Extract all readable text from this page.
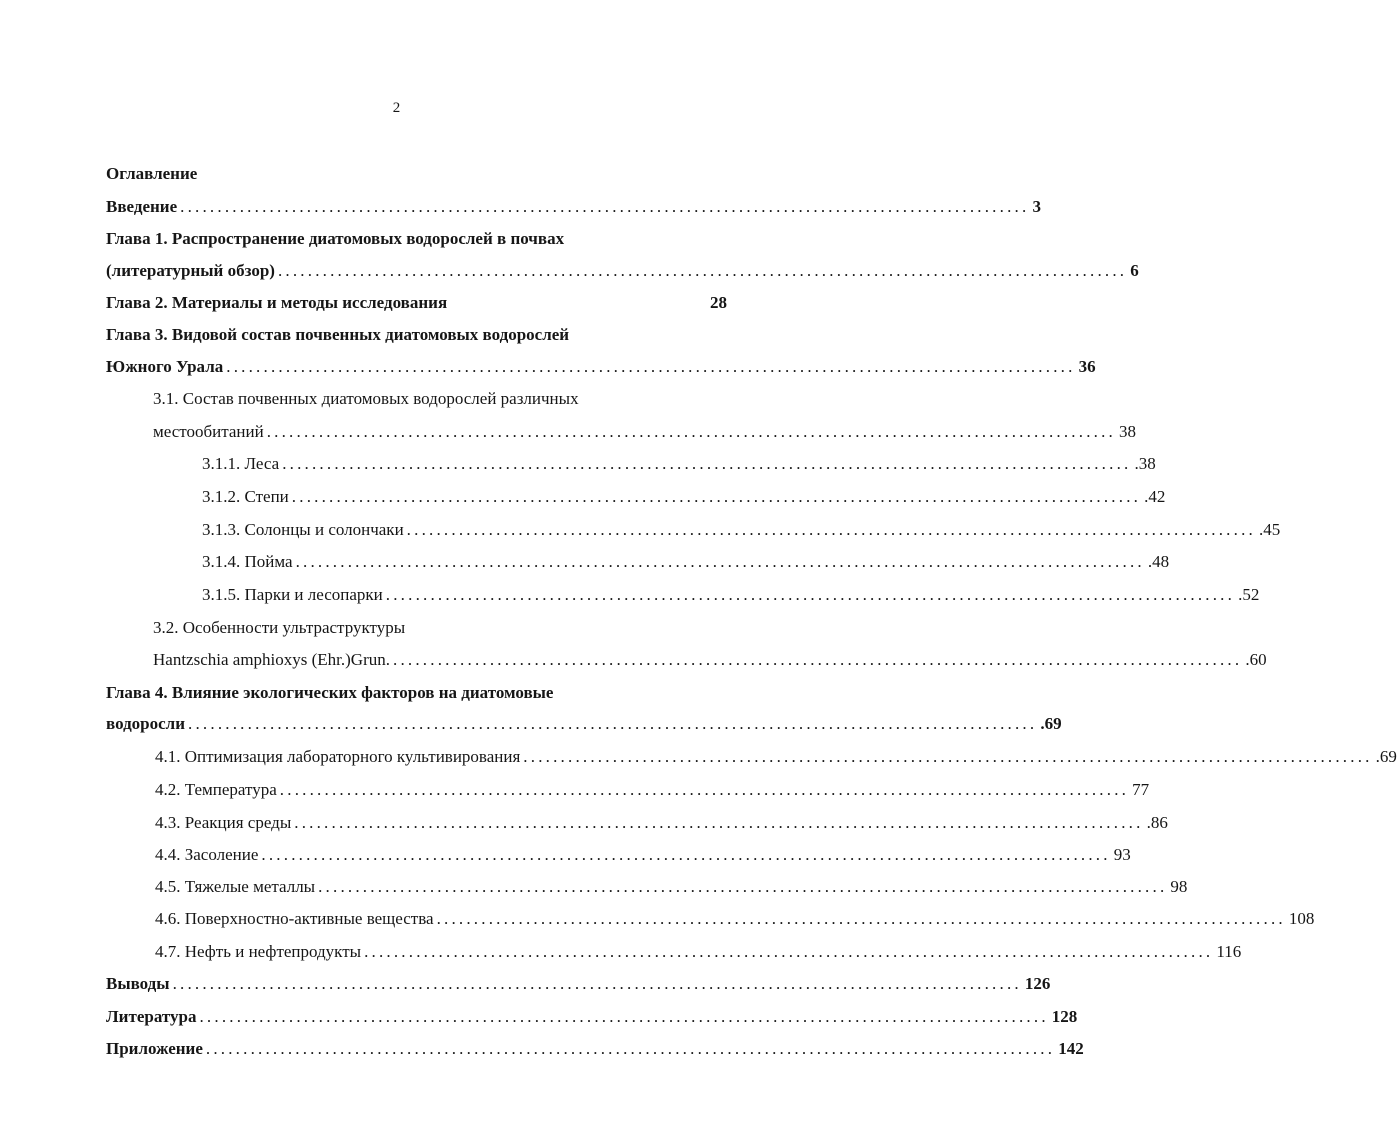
2
Оглавление
Введение .................................................................................................................. 3
Глава 1. Распространение диатомовых водорослей в почвах
(литературный обзор) .................................................................................................................. 6
Глава 2. Материалы и методы исследования	28
Глава 3. Видовой состав почвенных диатомовых водорослей
Южного Урала .................................................................................................................. 36
3.1. Состав почвенных диатомовых водорослей различных
местообитаний .................................................................................................................. 38
3.1.1. Леса .................................................................................................................. .38
3.1.2. Степи .................................................................................................................. .42
3.1.3. Солонцы и солончаки .................................................................................................................. .45
3.1.4. Пойма .................................................................................................................. .48
3.1.5. Парки и лесопарки .................................................................................................................. .52
3.2. Особенности ультраструктуры
Hantzschia amphioxys (Ehr.)Grun. .................................................................................................................. .60
Глава 4. Влияние экологических факторов на диатомовые
водоросли .................................................................................................................. .69
4.1. Оптимизация лабораторного культивирования .................................................................................................................. .69
4.2. Температура .................................................................................................................. 77
4.3. Реакция среды .................................................................................................................. .86
4.4. Засоление .................................................................................................................. 93
4.5. Тяжелые металлы .................................................................................................................. 98
4.6. Поверхностно-активные вещества .................................................................................................................. 108
4.7. Нефть и нефтепродукты .................................................................................................................. 116
Выводы .................................................................................................................. 126
Литература .................................................................................................................. 128
Приложение .................................................................................................................. 142
